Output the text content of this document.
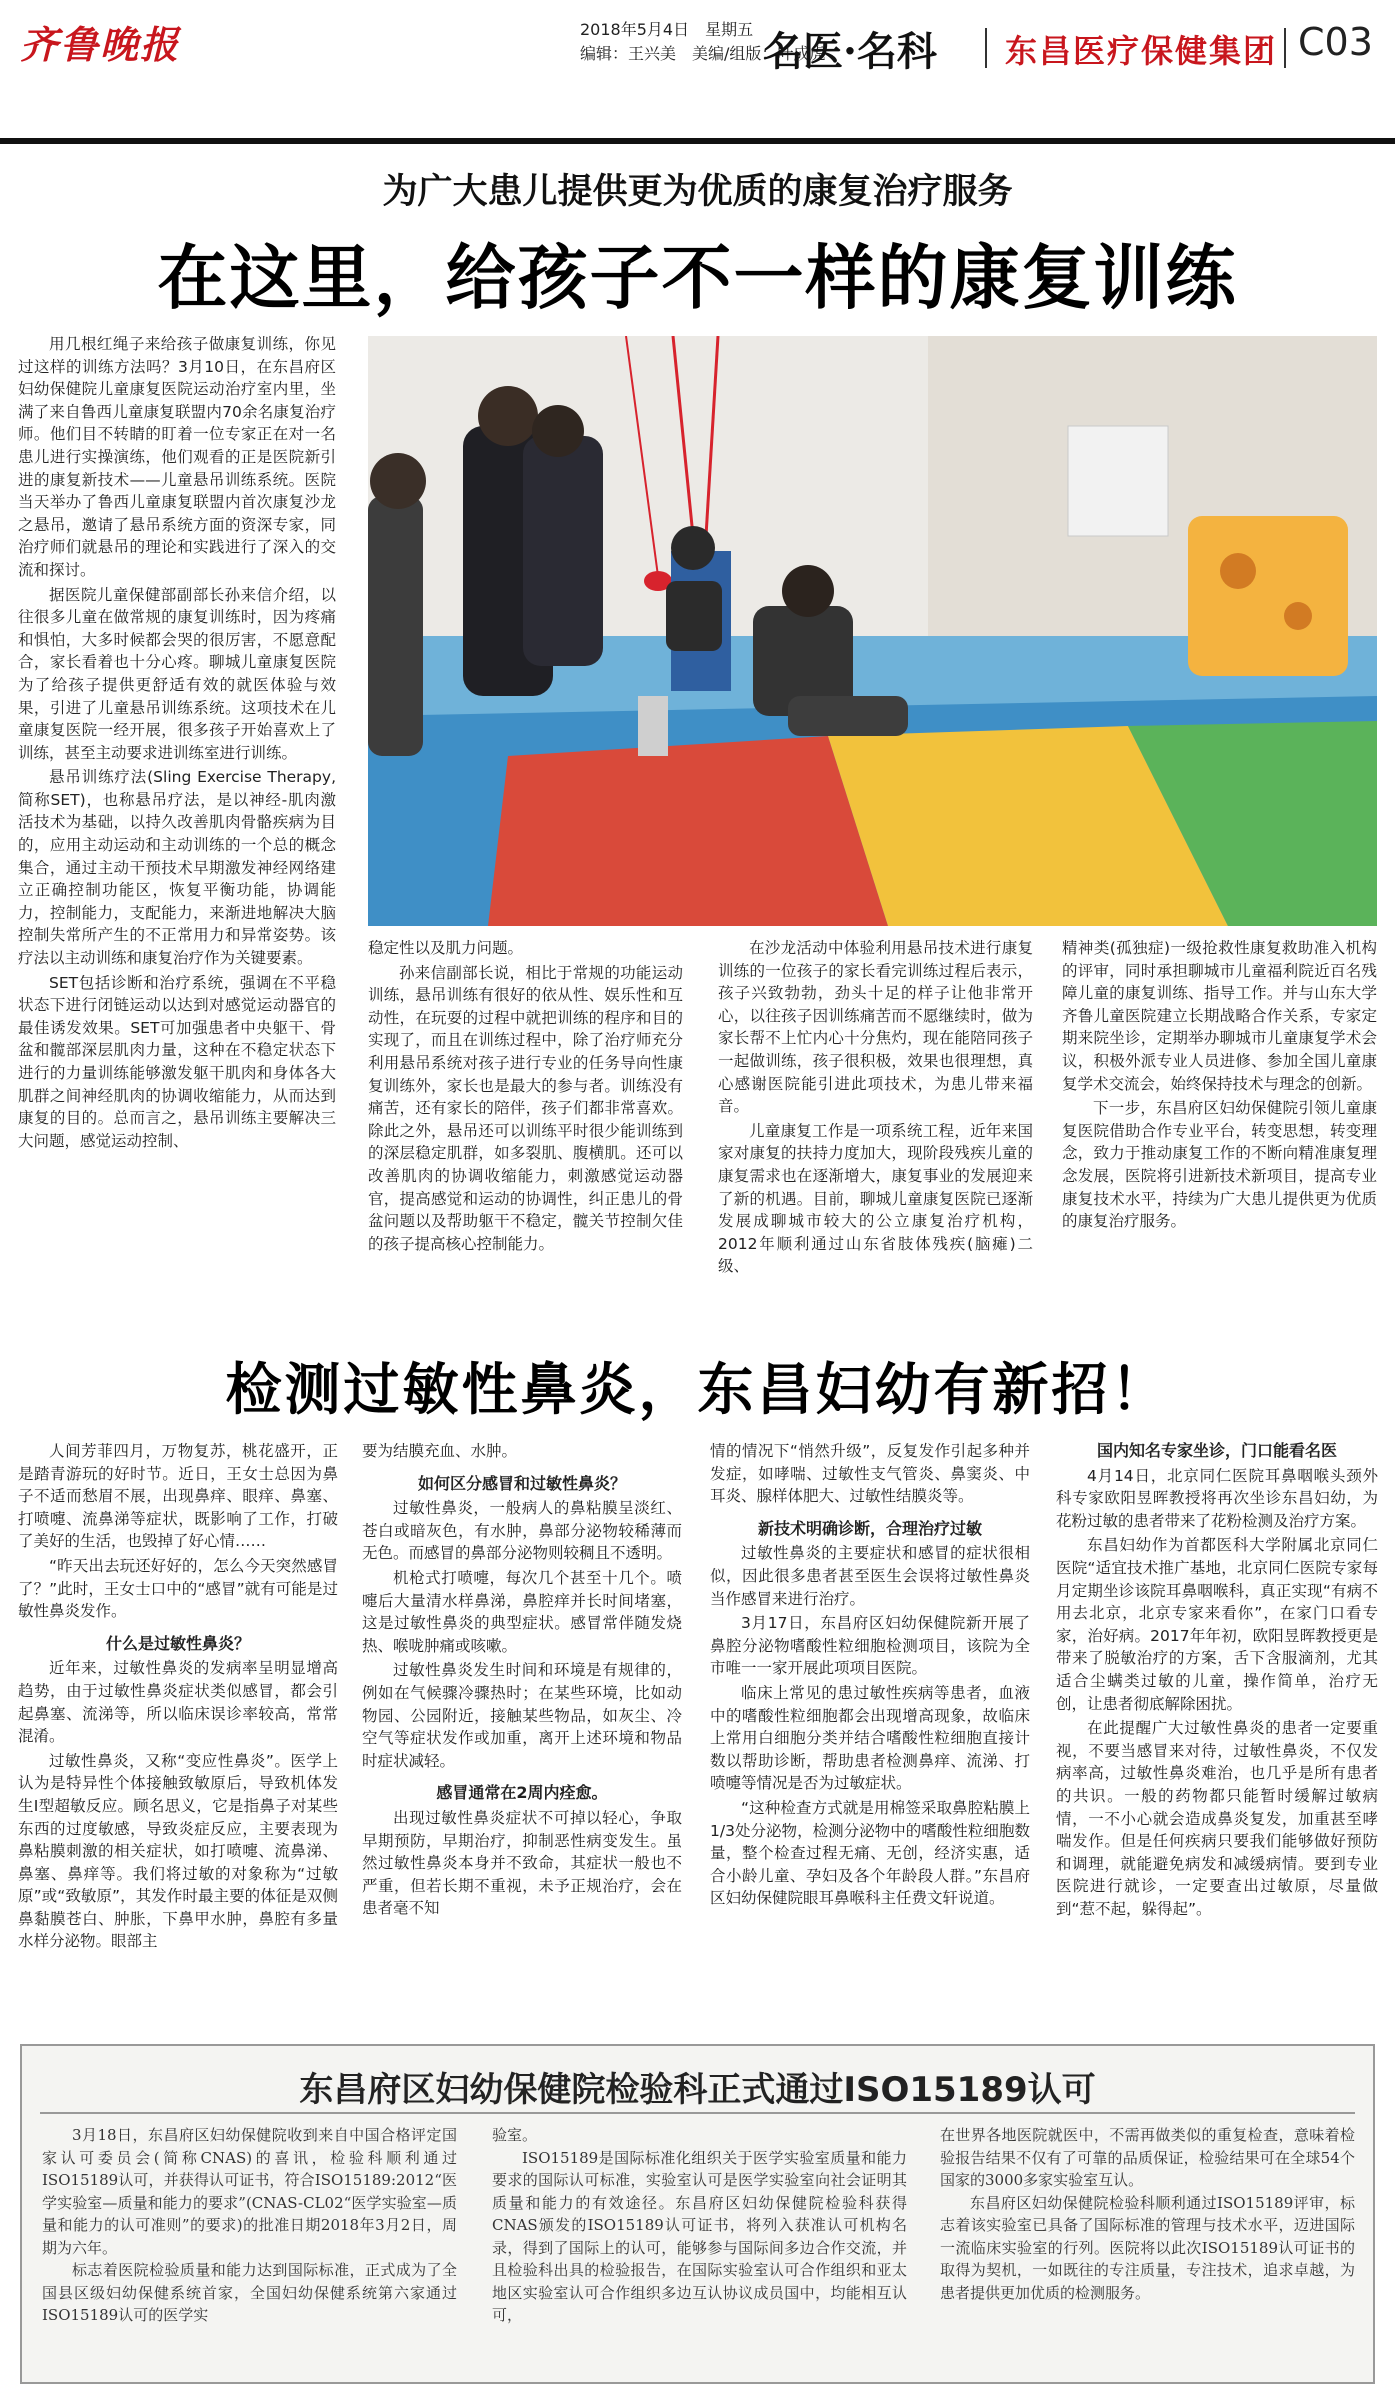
齐鲁晚报	2018年5月4日　星期五
编辑：王兴美　美编/组版：叶成虎
名医·名科 东昌医疗保健集团 C03
为广大患儿提供更为优质的康复治疗服务
在这里，给孩子不一样的康复训练

用几根红绳子来给孩子做康复训练，你见过这样的训练方法吗？3月10日，在东昌府区妇幼保健院儿童康复医院运动治疗室内里，坐满了来自鲁西儿童康复联盟内70余名康复治疗师。他们目不转睛的盯着一位专家正在对一名患儿进行实操演练，他们观看的正是医院新引进的康复新技术——儿童悬吊训练系统。医院当天举办了鲁西儿童康复联盟内首次康复沙龙之悬吊，邀请了悬吊系统方面的资深专家，同治疗师们就悬吊的理论和实践进行了深入的交流和探讨。

据医院儿童保健部副部长孙来信介绍，以往很多儿童在做常规的康复训练时，因为疼痛和惧怕，大多时候都会哭的很厉害，不愿意配合，家长看着也十分心疼。聊城儿童康复医院为了给孩子提供更舒适有效的就医体验与效果，引进了儿童悬吊训练系统。这项技术在儿童康复医院一经开展，很多孩子开始喜欢上了训练，甚至主动要求进训练室进行训练。

悬吊训练疗法(Sling Exercise Therapy,简称SET)，也称悬吊疗法，是以神经-肌肉激活技术为基础，以持久改善肌肉骨骼疾病为目的，应用主动运动和主动训练的一个总的概念集合，通过主动干预技术早期激发神经网络建立正确控制功能区，恢复平衡功能，协调能力，控制能力，支配能力，来渐进地解决大脑控制失常所产生的不正常用力和异常姿势。该疗法以主动训练和康复治疗作为关键要素。

SET包括诊断和治疗系统，强调在不平稳状态下进行闭链运动以达到对感觉运动器官的最佳诱发效果。SET可加强患者中央躯干、骨盆和髋部深层肌肉力量，这种在不稳定状态下进行的力量训练能够激发躯干肌肉和身体各大肌群之间神经肌肉的协调收缩能力，从而达到康复的目的。总而言之，悬吊训练主要解决三大问题，感觉运动控制、

稳定性以及肌力问题。

孙来信副部长说，相比于常规的功能运动训练，悬吊训练有很好的依从性、娱乐性和互动性，在玩耍的过程中就把训练的程序和目的实现了，而且在训练过程中，除了治疗师充分利用悬吊系统对孩子进行专业的任务导向性康复训练外，家长也是最大的参与者。训练没有痛苦，还有家长的陪伴，孩子们都非常喜欢。除此之外，悬吊还可以训练平时很少能训练到的深层稳定肌群，如多裂肌、腹横肌。还可以改善肌肉的协调收缩能力，刺激感觉运动器官，提高感觉和运动的协调性，纠正患儿的骨盆问题以及帮助躯干不稳定，髋关节控制欠佳的孩子提高核心控制能力。

在沙龙活动中体验利用悬吊技术进行康复训练的一位孩子的家长看完训练过程后表示，孩子兴致勃勃，劲头十足的样子让他非常开心，以往孩子因训练痛苦而不愿继续时，做为家长帮不上忙内心十分焦灼，现在能陪同孩子一起做训练，孩子很积极，效果也很理想，真心感谢医院能引进此项技术，为患儿带来福音。

儿童康复工作是一项系统工程，近年来国家对康复的扶持力度加大，现阶段残疾儿童的康复需求也在逐渐增大，康复事业的发展迎来了新的机遇。目前，聊城儿童康复医院已逐渐发展成聊城市较大的公立康复治疗机构，2012年顺利通过山东省肢体残疾(脑瘫)二级、

精神类(孤独症)一级抢救性康复救助准入机构的评审，同时承担聊城市儿童福利院近百名残障儿童的康复训练、指导工作。并与山东大学齐鲁儿童医院建立长期战略合作关系，专家定期来院坐诊，定期举办聊城市儿童康复学术会议，积极外派专业人员进修、参加全国儿童康复学术交流会，始终保持技术与理念的创新。

下一步，东昌府区妇幼保健院引领儿童康复医院借助合作专业平台，转变思想，转变理念，致力于推动康复工作的不断向精准康复理念发展，医院将引进新技术新项目，提高专业康复技术水平，持续为广大患儿提供更为优质的康复治疗服务。

检测过敏性鼻炎，东昌妇幼有新招！

人间芳菲四月，万物复苏，桃花盛开，正是踏青游玩的好时节。近日，王女士总因为鼻子不适而愁眉不展，出现鼻痒、眼痒、鼻塞、打喷嚏、流鼻涕等症状，既影响了工作，打破了美好的生活，也毁掉了好心情……

“昨天出去玩还好好的，怎么今天突然感冒了？”此时，王女士口中的“感冒”就有可能是过敏性鼻炎发作。

什么是过敏性鼻炎？

近年来，过敏性鼻炎的发病率呈明显增高趋势，由于过敏性鼻炎症状类似感冒，都会引起鼻塞、流涕等，所以临床误诊率较高，常常混淆。

过敏性鼻炎，又称“变应性鼻炎”。医学上认为是特异性个体接触致敏原后，导致机体发生Ⅰ型超敏反应。顾名思义，它是指鼻子对某些东西的过度敏感，导致炎症反应，主要表现为鼻粘膜刺激的相关症状，如打喷嚏、流鼻涕、鼻塞、鼻痒等。我们将过敏的对象称为“过敏原”或“致敏原”，其发作时最主要的体征是双侧鼻黏膜苍白、肿胀，下鼻甲水肿，鼻腔有多量水样分泌物。眼部主

要为结膜充血、水肿。

如何区分感冒和过敏性鼻炎？

过敏性鼻炎，一般病人的鼻粘膜呈淡红、苍白或暗灰色，有水肿，鼻部分泌物较稀薄而无色。而感冒的鼻部分泌物则较稠且不透明。

机枪式打喷嚏，每次几个甚至十几个。喷嚏后大量清水样鼻涕，鼻腔痒并长时间堵塞，这是过敏性鼻炎的典型症状。感冒常伴随发烧热、喉咙肿痛或咳嗽。

过敏性鼻炎发生时间和环境是有规律的，例如在气候骤冷骤热时；在某些环境，比如动物园、公园附近，接触某些物品，如灰尘、冷空气等症状发作或加重，离开上述环境和物品时症状减轻。

感冒通常在2周内痊愈。

出现过敏性鼻炎症状不可掉以轻心，争取早期预防，早期治疗，抑制恶性病变发生。虽然过敏性鼻炎本身并不致命，其症状一般也不严重，但若长期不重视，未予正规治疗，会在患者毫不知

情的情况下“悄然升级”，反复发作引起多种并发症，如哮喘、过敏性支气管炎、鼻窦炎、中耳炎、腺样体肥大、过敏性结膜炎等。

新技术明确诊断，合理治疗过敏

过敏性鼻炎的主要症状和感冒的症状很相似，因此很多患者甚至医生会误将过敏性鼻炎当作感冒来进行治疗。

3月17日，东昌府区妇幼保健院新开展了鼻腔分泌物嗜酸性粒细胞检测项目，该院为全市唯一一家开展此项项目医院。

临床上常见的患过敏性疾病等患者，血液中的嗜酸性粒细胞都会出现增高现象，故临床上常用白细胞分类并结合嗜酸性粒细胞直接计数以帮助诊断，帮助患者检测鼻痒、流涕、打喷嚏等情况是否为过敏症状。

“这种检查方式就是用棉签采取鼻腔粘膜上1/3处分泌物，检测分泌物中的嗜酸性粒细胞数量，整个检查过程无痛、无创，经济实惠，适合小龄儿童、孕妇及各个年龄段人群。”东昌府区妇幼保健院眼耳鼻喉科主任费文轩说道。

国内知名专家坐诊，门口能看名医

4月14日，北京同仁医院耳鼻咽喉头颈外科专家欧阳昱晖教授将再次坐诊东昌妇幼，为花粉过敏的患者带来了花粉检测及治疗方案。

东昌妇幼作为首都医科大学附属北京同仁医院“适宜技术推广基地，北京同仁医院专家每月定期坐诊该院耳鼻咽喉科，真正实现“有病不用去北京，北京专家来看你”，在家门口看专家，治好病。2017年年初，欧阳昱晖教授更是带来了脱敏治疗的方案，舌下含服滴剂，尤其适合尘螨类过敏的儿童，操作简单，治疗无创，让患者彻底解除困扰。

在此提醒广大过敏性鼻炎的患者一定要重视，不要当感冒来对待，过敏性鼻炎，不仅发病率高，过敏性鼻炎难治，也几乎是所有患者的共识。一般的药物都只能暂时缓解过敏病情，一不小心就会造成鼻炎复发，加重甚至哮喘发作。但是任何疾病只要我们能够做好预防和调理，就能避免病发和减缓病情。要到专业医院进行就诊，一定要查出过敏原，尽量做到“惹不起，躲得起”。

3月18日，东昌府区妇幼保健院收到来自中国合格评定国家认可委员会(简称CNAS)的喜讯，检验科顺利通过ISO15189认可，并获得认可证书，符合ISO15189:2012“医学实验室—质量和能力的要求”(CNAS-CL02“医学实验室—质量和能力的认可准则”的要求)的批准日期2018年3月2日，周期为六年。

标志着医院检验质量和能力达到国际标准，正式成为了全国县区级妇幼保健系统首家，全国妇幼保健系统第六家通过ISO15189认可的医学实

验室。

ISO15189是国际标准化组织关于医学实验室质量和能力要求的国际认可标准，实验室认可是医学实验室向社会证明其质量和能力的有效途径。东昌府区妇幼保健院检验科获得CNAS颁发的ISO15189认可证书，将列入获准认可机构名录，得到了国际上的认可，能够参与国际间多边合作交流，并且检验科出具的检验报告，在国际实验室认可合作组织和亚太地区实验室认可合作组织多边互认协议成员国中，均能相互认可，

在世界各地医院就医中，不需再做类似的重复检查，意味着检验报告结果不仅有了可靠的品质保证，检验结果可在全球54个国家的3000多家实验室互认。

东昌府区妇幼保健院检验科顺利通过ISO15189评审，标志着该实验室已具备了国际标准的管理与技术水平，迈进国际一流临床实验室的行列。医院将以此次ISO15189认可证书的取得为契机，一如既往的专注质量，专注技术，追求卓越，为患者提供更加优质的检测服务。

东昌府区妇幼保健院检验科正式通过ISO15189认可
